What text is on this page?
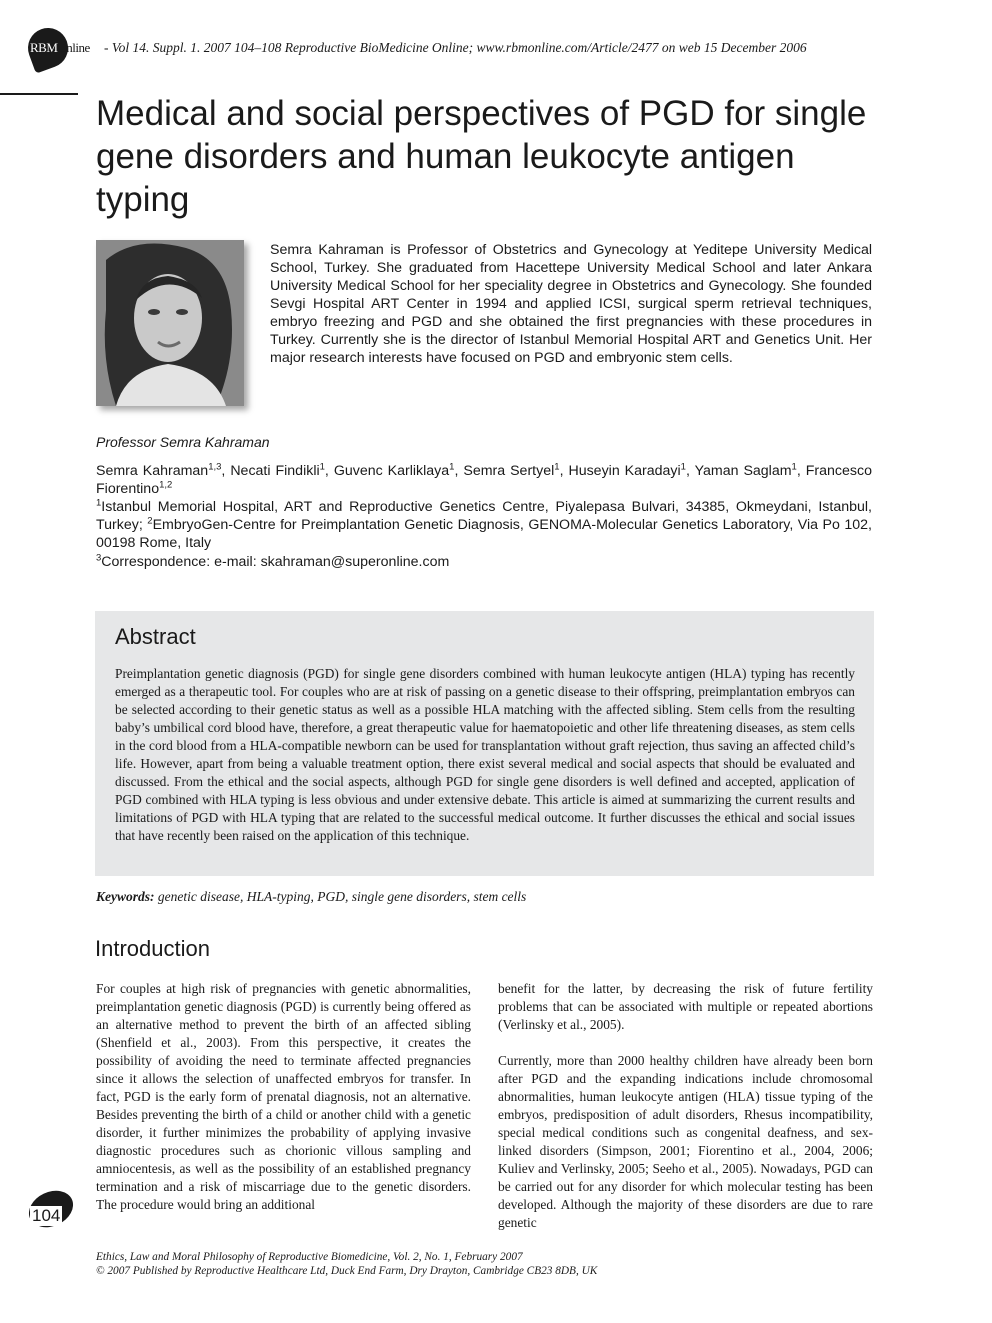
RBMOnline - Vol 14. Suppl. 1. 2007 104–108 Reproductive BioMedicine Online; www.rbmonline.com/Article/2477 on web 15 December 2006
Medical and social perspectives of PGD for single gene disorders and human leukocyte antigen typing
Semra Kahraman is Professor of Obstetrics and Gynecology at Yeditepe University Medical School, Turkey. She graduated from Hacettepe University Medical School and later Ankara University Medical School for her speciality degree in Obstetrics and Gynecology. She founded Sevgi Hospital ART Center in 1994 and applied ICSI, surgical sperm retrieval techniques, embryo freezing and PGD and she obtained the first pregnancies with these procedures in Turkey. Currently she is the director of Istanbul Memorial Hospital ART and Genetics Unit. Her major research interests have focused on PGD and embryonic stem cells.
Professor Semra Kahraman
Semra Kahraman$^{1,3}$, Necati Findikli$^1$, Guvenc Karliklaya$^1$, Semra Sertyel$^1$, Huseyin Karadayi$^1$, Yaman Saglam$^1$, Francesco Fiorentino$^{1,2}$
$^1$Istanbul Memorial Hospital, ART and Reproductive Genetics Centre, Piyalepasa Bulvari, 34385, Okmeydani, Istanbul, Turkey; $^2$EmbryoGen-Centre for Preimplantation Genetic Diagnosis, GENOMA-Molecular Genetics Laboratory, Via Po 102, 00198 Rome, Italy
$^3$Correspondence: e-mail: skahraman@superonline.com
Abstract
Preimplantation genetic diagnosis (PGD) for single gene disorders combined with human leukocyte antigen (HLA) typing has recently emerged as a therapeutic tool. For couples who are at risk of passing on a genetic disease to their offspring, preimplantation embryos can be selected according to their genetic status as well as a possible HLA matching with the affected sibling. Stem cells from the resulting baby’s umbilical cord blood have, therefore, a great therapeutic value for haematopoietic and other life threatening diseases, as stem cells in the cord blood from a HLA-compatible newborn can be used for transplantation without graft rejection, thus saving an affected child’s life. However, apart from being a valuable treatment option, there exist several medical and social aspects that should be evaluated and discussed. From the ethical and the social aspects, although PGD for single gene disorders is well defined and accepted, application of PGD combined with HLA typing is less obvious and under extensive debate. This article is aimed at summarizing the current results and limitations of PGD with HLA typing that are related to the successful medical outcome. It further discusses the ethical and social issues that have recently been raised on the application of this technique.
Keywords: genetic disease, HLA-typing, PGD, single gene disorders, stem cells
Introduction

For couples at high risk of pregnancies with genetic abnormalities, preimplantation genetic diagnosis (PGD) is currently being offered as an alternative method to prevent the birth of an affected sibling (Shenfield et al., 2003). From this perspective, it creates the possibility of avoiding the need to terminate affected pregnancies since it allows the selection of unaffected embryos for transfer. In fact, PGD is the early form of prenatal diagnosis, not an alternative. Besides preventing the birth of a child or another child with a genetic disorder, it further minimizes the probability of applying invasive diagnostic procedures such as chorionic villous sampling and amniocentesis, as well as the possibility of an established pregnancy termination and a risk of miscarriage due to the genetic disorders. The procedure would bring an additional

benefit for the latter, by decreasing the risk of future fertility problems that can be associated with multiple or repeated abortions (Verlinsky et al., 2005).

Currently, more than 2000 healthy children have already been born after PGD and the expanding indications include chromosomal abnormalities, human leukocyte antigen (HLA) tissue typing of the embryos, predisposition of adult disorders, Rhesus incompatibility, special medical conditions such as congenital deafness, and sex-linked disorders (Simpson, 2001; Fiorentino et al., 2004, 2006; Kuliev and Verlinsky, 2005; Seeho et al., 2005). Nowadays, PGD can be carried out for any disorder for which molecular testing has been developed. Although the majority of these disorders are due to rare genetic

104
Ethics, Law and Moral Philosophy of Reproductive Biomedicine, Vol. 2, No. 1, February 2007
© 2007 Published by Reproductive Healthcare Ltd, Duck End Farm, Dry Drayton, Cambridge CB23 8DB, UK
